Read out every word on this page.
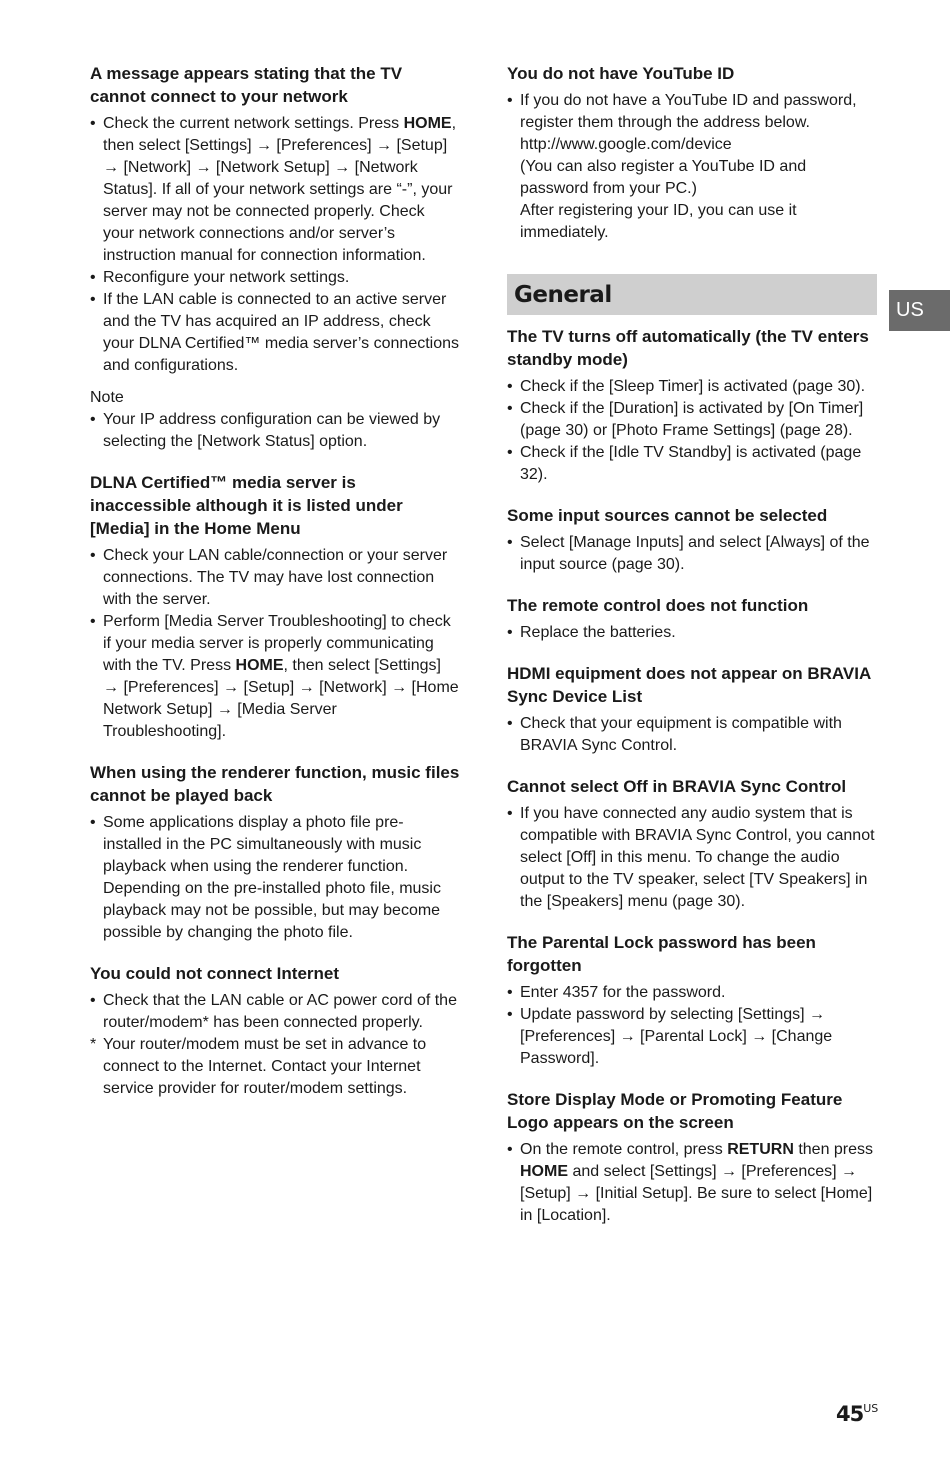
A message appears stating that the TV cannot connect to your network
• Check the current network settings. Press HOME, then select [Settings] → [Preferences] → [Setup] → [Network] → [Network Setup] → [Network Status]. If all of your network settings are “-”, your server may not be connected properly. Check your network connections and/or server’s instruction manual for connection information.
• Reconfigure your network settings.
• If the LAN cable is connected to an active server and the TV has acquired an IP address, check your DLNA Certified™ media server’s connections and configurations.
Note
• Your IP address configuration can be viewed by selecting the [Network Status] option.
DLNA Certified™ media server is inaccessible although it is listed under [Media] in the Home Menu
• Check your LAN cable/connection or your server connections. The TV may have lost connection with the server.
• Perform [Media Server Troubleshooting] to check if your media server is properly communicating with the TV. Press HOME, then select [Settings] → [Preferences] → [Setup] → [Network] → [Home Network Setup] → [Media Server Troubleshooting].
When using the renderer function, music files cannot be played back
• Some applications display a photo file pre-installed in the PC simultaneously with music playback when using the renderer function. Depending on the pre-installed photo file, music playback may not be possible, but may become possible by changing the photo file.
You could not connect Internet
• Check that the LAN cable or AC power cord of the router/modem* has been connected properly.
* Your router/modem must be set in advance to connect to the Internet. Contact your Internet service provider for router/modem settings.
You do not have YouTube ID
• If you do not have a YouTube ID and password, register them through the address below.
http://www.google.com/device
(You can also register a YouTube ID and password from your PC.)
After registering your ID, you can use it immediately.
General
The TV turns off automatically (the TV enters standby mode)
• Check if the [Sleep Timer] is activated (page 30).
• Check if the [Duration] is activated by [On Timer] (page 30) or [Photo Frame Settings] (page 28).
• Check if the [Idle TV Standby] is activated (page 32).
Some input sources cannot be selected
• Select [Manage Inputs] and select [Always] of the input source (page 30).
The remote control does not function
• Replace the batteries.
HDMI equipment does not appear on BRAVIA Sync Device List
• Check that your equipment is compatible with BRAVIA Sync Control.
Cannot select Off in BRAVIA Sync Control
• If you have connected any audio system that is compatible with BRAVIA Sync Control, you cannot select [Off] in this menu. To change the audio output to the TV speaker, select [TV Speakers] in the [Speakers] menu (page 30).
The Parental Lock password has been forgotten
• Enter 4357 for the password.
• Update password by selecting [Settings] → [Preferences] → [Parental Lock] → [Change Password].
Store Display Mode or Promoting Feature Logo appears on the screen
• On the remote control, press RETURN then press HOME and select [Settings] → [Preferences] → [Setup] → [Initial Setup]. Be sure to select [Home] in [Location].
US
$45^{US}$
